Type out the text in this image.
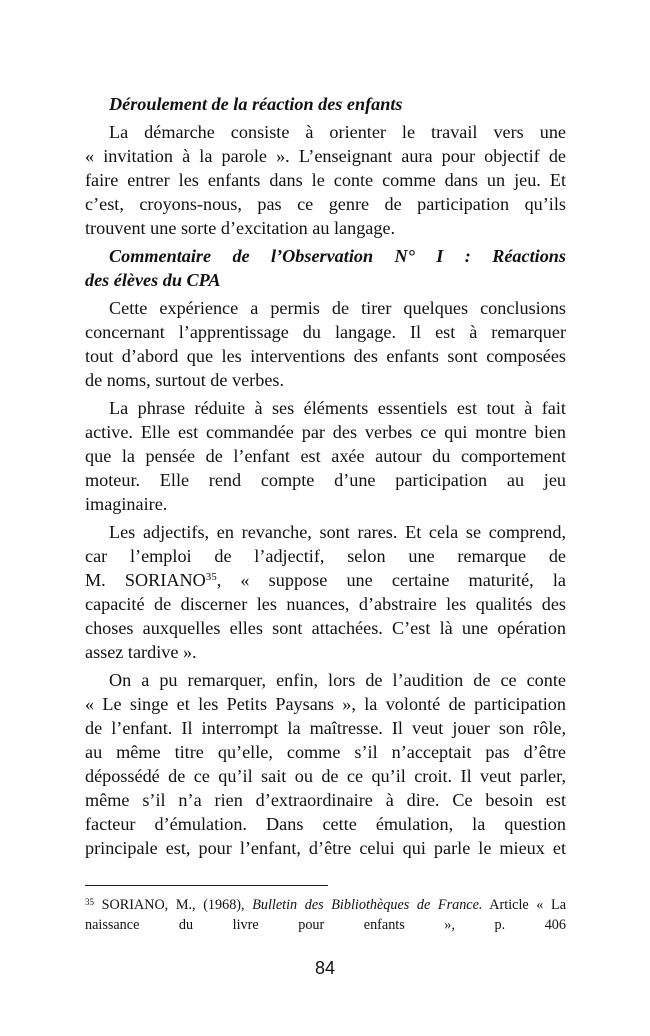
Déroulement de la réaction des enfants
La démarche consiste à orienter le travail vers une
« invitation à la parole ». L’enseignant aura pour objectif de
faire entrer les enfants dans le conte comme dans un jeu. Et
c’est, croyons-nous, pas ce genre de participation qu’ils
trouvent une sorte d’excitation au langage.
Commentaire de l’Observation N° I : Réactions
des élèves du CPA
Cette expérience a permis de tirer quelques conclusions
concernant l’apprentissage du langage. Il est à remarquer
tout d’abord que les interventions des enfants sont composées
de noms, surtout de verbes.
La phrase réduite à ses éléments essentiels est tout à fait
active. Elle est commandée par des verbes ce qui montre bien
que la pensée de l’enfant est axée autour du comportement
moteur. Elle rend compte d’une participation au jeu
imaginaire.
Les adjectifs, en revanche, sont rares. Et cela se comprend,
car l’emploi de l’adjectif, selon une remarque de
M. SORIANO$^{35}$, « suppose une certaine maturité, la
capacité de discerner les nuances, d’abstraire les qualités des
choses auxquelles elles sont attachées. C’est là une opération
assez tardive ».
On a pu remarquer, enfin, lors de l’audition de ce conte
« Le singe et les Petits Paysans », la volonté de participation
de l’enfant. Il interrompt la maîtresse. Il veut jouer son rôle,
au même titre qu’elle, comme s’il n’acceptait pas d’être
dépossédé de ce qu’il sait ou de ce qu’il croit. Il veut parler,
même s’il n’a rien d’extraordinaire à dire. Ce besoin est
facteur d’émulation. Dans cette émulation, la question
principale est, pour l’enfant, d’être celui qui parle le mieux et
$^{35}$ SORIANO, M., (1968), Bulletin des Bibliothèques de France. Article « La
naissance du livre pour enfants », p. 406
84
